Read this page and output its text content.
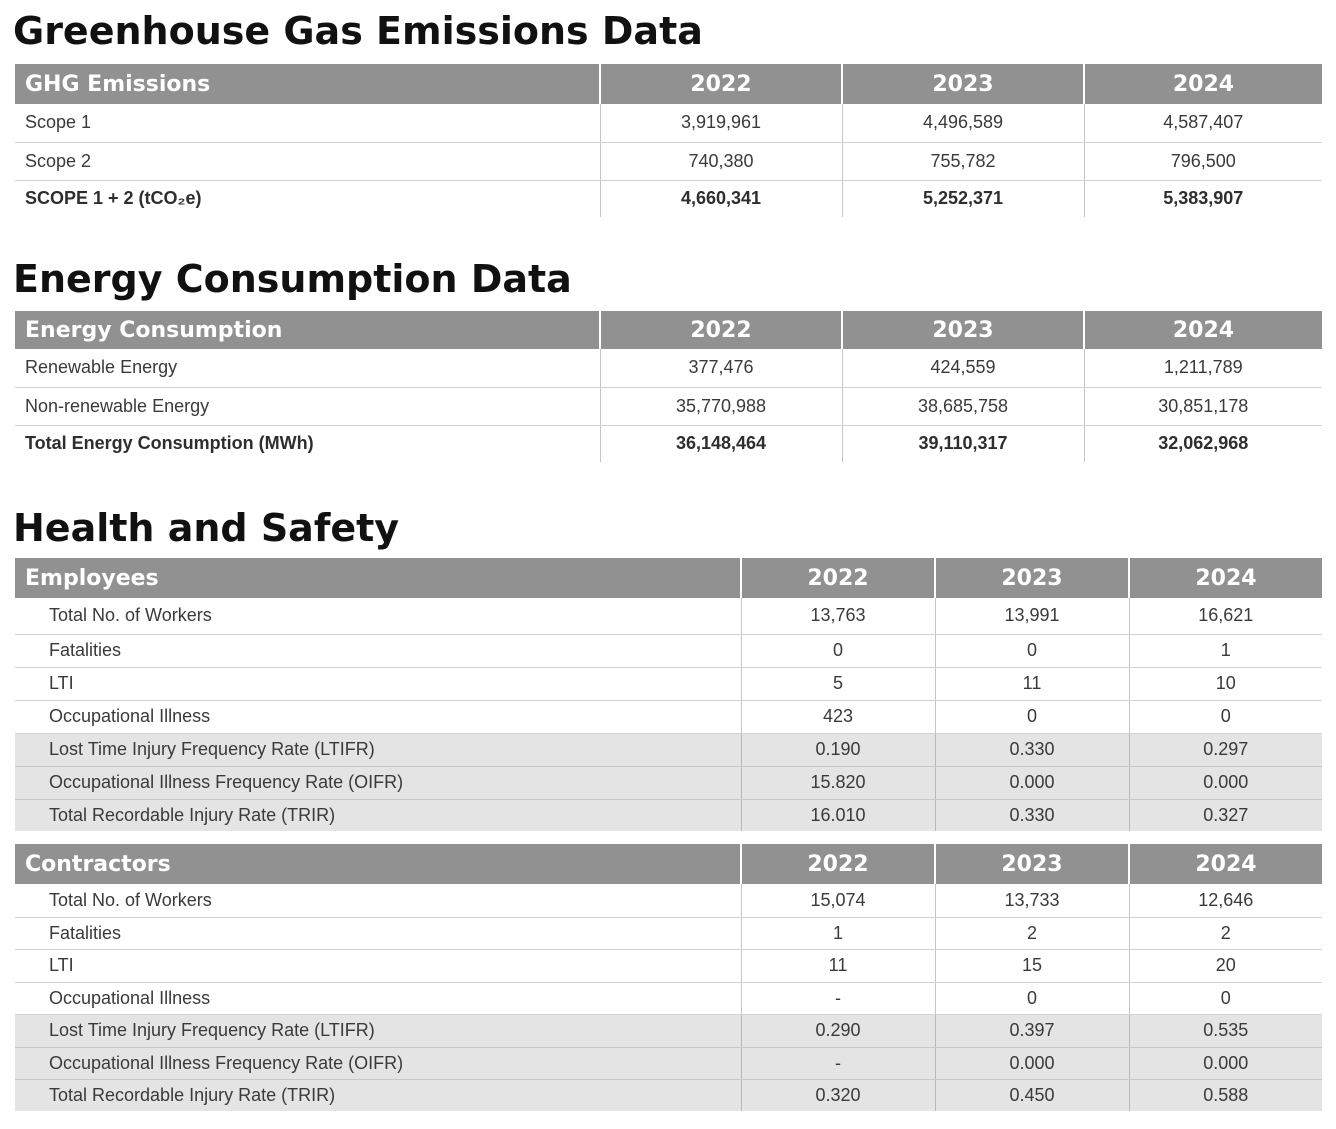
Greenhouse Gas Emissions Data
GHG Emissions	2022	2023	2024
Scope 1	3,919,961	4,496,589	4,587,407
Scope 2	740,380	755,782	796,500
SCOPE 1 + 2 (tCO₂e)	4,660,341	5,252,371	5,383,907
Energy Consumption Data
Energy Consumption	2022	2023	2024
Renewable Energy	377,476	424,559	1,211,789
Non-renewable Energy	35,770,988	38,685,758	30,851,178
Total Energy Consumption (MWh)	36,148,464	39,110,317	32,062,968
Health and Safety
Employees	2022	2023	2024
Total No. of Workers	13,763	13,991	16,621
Fatalities	0	0	1
LTI	5	11	10
Occupational Illness	423	0	0
Lost Time Injury Frequency Rate (LTIFR)	0.190	0.330	0.297
Occupational Illness Frequency Rate (OIFR)	15.820	0.000	0.000
Total Recordable Injury Rate (TRIR)	16.010	0.330	0.327
Contractors	2022	2023	2024
Total No. of Workers	15,074	13,733	12,646
Fatalities	1	2	2
LTI	11	15	20
Occupational Illness	-	0	0
Lost Time Injury Frequency Rate (LTIFR)	0.290	0.397	0.535
Occupational Illness Frequency Rate (OIFR)	-	0.000	0.000
Total Recordable Injury Rate (TRIR)	0.320	0.450	0.588
